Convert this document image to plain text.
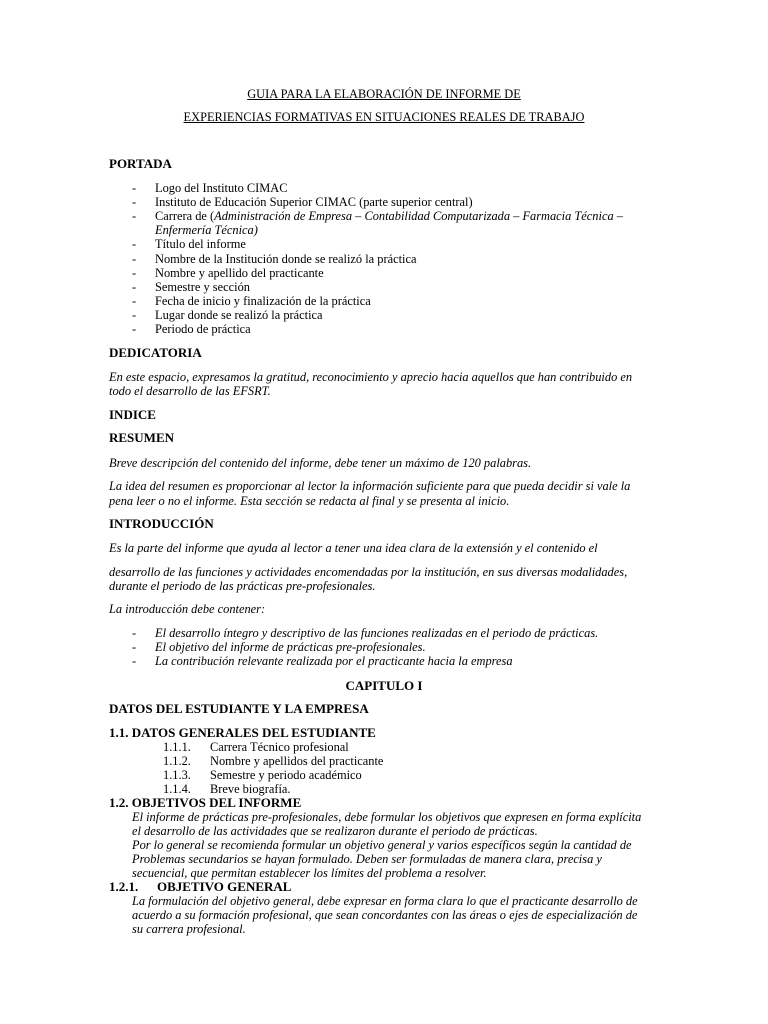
GUIA PARA LA ELABORACIÓN DE INFORME DE
EXPERIENCIAS FORMATIVAS EN SITUACIONES REALES DE TRABAJO
PORTADA
- Logo del Instituto CIMAC
- Instituto de Educación Superior CIMAC (parte superior central)
- Carrera de (Administración de Empresa – Contabilidad Computarizada – Farmacia Técnica –
Enfermería Técnica)
- Título del informe
- Nombre de la Institución donde se realizó la práctica
- Nombre y apellido del practicante
- Semestre y sección
- Fecha de inicio y finalización de la práctica
- Lugar donde se realizó la práctica
- Periodo de práctica
DEDICATORIA
En este espacio, expresamos la gratitud, reconocimiento y aprecio hacia aquellos que han contribuido en
todo el desarrollo de las EFSRT.
INDICE
RESUMEN
Breve descripción del contenido del informe, debe tener un máximo de 120 palabras.
La idea del resumen es proporcionar al lector la información suficiente para que pueda decidir si vale la
pena leer o no el informe. Esta sección se redacta al final y se presenta al inicio.
INTRODUCCIÓN
Es la parte del informe que ayuda al lector a tener una idea clara de la extensión y el contenido el
desarrollo de las funciones y actividades encomendadas por la institución, en sus diversas modalidades,
durante el periodo de las prácticas pre-profesionales.
La introducción debe contener:
- El desarrollo íntegro y descriptivo de las funciones realizadas en el periodo de prácticas.
- El objetivo del informe de prácticas pre-profesionales.
- La contribución relevante realizada por el practicante hacia la empresa
CAPITULO I
DATOS DEL ESTUDIANTE Y LA EMPRESA
1.1. DATOS GENERALES DEL ESTUDIANTE
1.1.1. Carrera Técnico profesional
1.1.2. Nombre y apellidos del practicante
1.1.3. Semestre y periodo académico
1.1.4. Breve biografía.
1.2. OBJETIVOS DEL INFORME
El informe de prácticas pre-profesionales, debe formular los objetivos que expresen en forma explícita
el desarrollo de las actividades que se realizaron durante el periodo de prácticas.
Por lo general se recomienda formular un objetivo general y varios específicos según la cantidad de
Problemas secundarios se hayan formulado. Deben ser formuladas de manera clara, precisa y
secuencial, que permitan establecer los límites del problema a resolver.
1.2.1. OBJETIVO GENERAL
La formulación del objetivo general, debe expresar en forma clara lo que el practicante desarrollo de
acuerdo a su formación profesional, que sean concordantes con las áreas o ejes de especialización de
su carrera profesional.
